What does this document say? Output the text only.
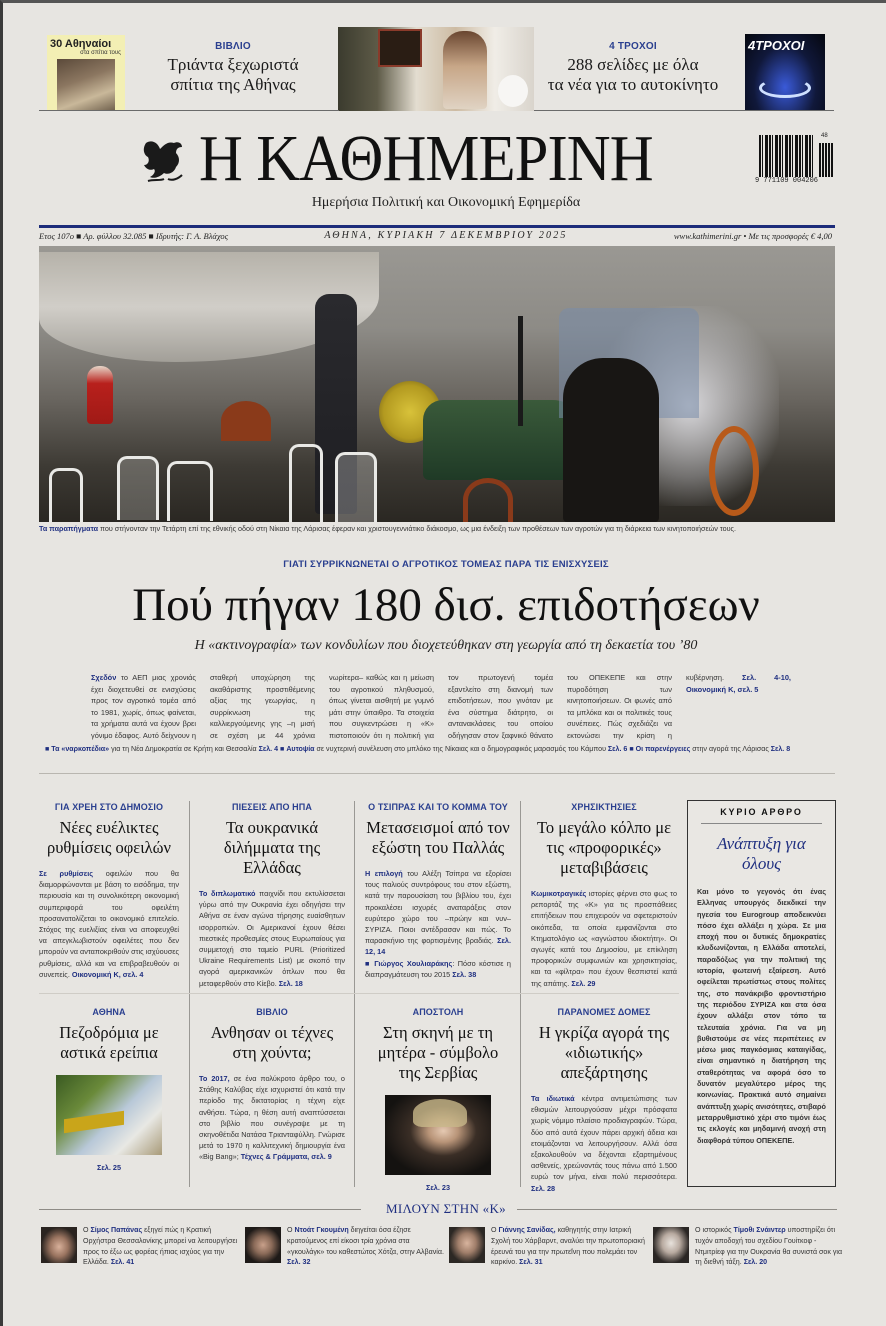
30 Αθηναίοι
στα σπίτια τους
ΒΙΒΛΙΟ
Τριάντα ξεχωριστά
σπίτια της Αθήνας
4 ΤΡΟΧΟΙ
288 σελίδες με όλα
τα νέα για το αυτοκίνητο
4ΤΡΟΧΟΙ
Η ΚΑΘΗΜΕΡΙΝΗ	48
9 771109 004206
Ημερήσια Πολιτική και Οικονομική Εφημερίδα
Ετος 107ο ■ Αρ. φύλλου 32.085 ■ Ιδρυτής: Γ. Α. Βλάχος	ΑΘΗΝΑ, ΚΥΡΙΑΚΗ 7 ΔΕΚΕΜΒΡΙΟΥ 2025	www.kathimerini.gr • Με τις προσφορές € 4,00
Τα παραπήγματα που στήνονταν την Τετάρτη επί της εθνικής οδού στη Νίκαια της Λάρισας έφεραν και χριστουγεννιάτικο διάκοσμο, ως μια ένδειξη των προθέσεων των αγροτών για τη διάρκεια των κινητοποιήσεών τους.
ΓΙΑΤΙ ΣΥΡΡΙΚΝΩΝΕΤΑΙ Ο ΑΓΡΟΤΙΚΟΣ ΤΟΜΕΑΣ ΠΑΡΑ ΤΙΣ ΕΝΙΣΧΥΣΕΙΣ
Πού πήγαν 180 δισ. επιδοτήσεων
Η «ακτινογραφία» των κονδυλίων που διοχετεύθηκαν στη γεωργία από τη δεκαετία του ’80
Σχεδόν το ΑΕΠ μιας χρονιάς έχει διοχετευθεί σε ενισχύσεις προς τον αγροτικό τομέα από το 1981, χωρίς, όπως φαίνεται, τα χρήματα αυτά να έχουν βρει γόνιμο έδαφος. Αυτό δείχνουν η σταθερή υποχώρηση της ακαθάριστης προστιθέμενης αξίας της γεωργίας, η συρρίκνωση της καλλιεργούμενης γης –η μισή σε σχέση με 44 χρόνια νωρίτερα– καθώς και η μείωση του αγροτικού πληθυσμού, όπως γίνεται αισθητή με γυμνό μάτι στην ύπαιθρο. Τα στοιχεία που συγκεντρώσει η «Κ» πιστοποιούν ότι η πολιτική για τον πρωτογενή τομέα εξαντλείτο στη διανομή των επιδοτήσεων, που γινόταν με ένα σύστημα διάτρητο, οι αντανακλάσεις του οποίου οδήγησαν στον ξαφνικό θάνατο του ΟΠΕΚΕΠΕ και στην πυροδότηση των κινητοποιήσεων. Οι φωνές από τα μπλόκα και οι πολιτικές τους συνέπειες. Πώς σχεδιάζει να εκτονώσει την κρίση η κυβέρνηση. Σελ. 4-10, Οικονομική Κ, σελ. 5
■ Τα «ναρκοπέδια» για τη Νέα Δημοκρατία σε Κρήτη και Θεσσαλία Σελ. 4 ■ Αυτοψία σε νυχτερινή συνέλευση στο μπλόκο της Νίκαιας και ο δημογραφικός μαρασμός του Κάμπου Σελ. 6 ■ Οι παρενέργειες στην αγορά της Λάρισας Σελ. 8
ΓΙΑ ΧΡΕΗ ΣΤΟ ΔΗΜΟΣΙΟ
Νέες ευέλικτες ρυθμίσεις οφειλών
Σε ρυθμίσεις οφειλών που θα διαμορφώνονται με βάση το εισόδημα, την περιουσία και τη συνολικότερη οικονομική συμπεριφορά του οφειλέτη προσανατολίζεται το οικονομικό επιτελείο. Στόχος της ευελιξίας είναι να αποφευχθεί να απεγκλωβιστούν οφειλέτες που δεν μπορούν να ανταποκριθούν στις ισχύουσες ρυθμίσεις, αλλά και να επιβραβευθούν οι συνεπείς. Οικονομική Κ, σελ. 4
ΠΙΕΣΕΙΣ ΑΠΟ ΗΠΑ
Τα ουκρανικά διλήμματα της Ελλάδας
Το διπλωματικό παιχνίδι που εκτυλίσσεται γύρω από την Ουκρανία έχει οδηγήσει την Αθήνα σε έναν αγώνα τήρησης ευαίσθητων ισορροπιών. Οι Αμερικανοί έχουν θέσει πιεστικές προθεσμίες στους Ευρωπαίους για συμμετοχή στο ταμείο PURL (Prioritized Ukraine Requirements List) με σκοπό την αγορά αμερικανικών όπλων που θα μεταφερθούν στο Κίεβο. Σελ. 18
Ο ΤΣΙΠΡΑΣ ΚΑΙ ΤΟ ΚΟΜΜΑ ΤΟΥ
Μετασεισμοί από τον εξώστη του Παλλάς
Η επιλογή του Αλέξη Τσίπρα να εξορίσει τους παλιούς συντρόφους του στον εξώστη, κατά την παρουσίαση του βιβλίου του, έχει προκαλέσει ισχυρές αναταράξεις στον ευρύτερο χώρο του –πρώην και νυν– ΣΥΡΙΖΑ. Ποιοι αντέδρασαν και πώς. Το παρασκήνιο της φορτισμένης βραδιάς. Σελ. 12, 14
■ Γιώργος Χουλιαράκης: Πόσο κόστισε η διαπραγμάτευση του 2015 Σελ. 38
ΧΡΗΣΙΚΤΗΣΙΕΣ
Το μεγάλο κόλπο με τις «προφορικές» μεταβιβάσεις
Κωμικοτραγικές ιστορίες φέρνει στο φως το ρεπορτάζ της «Κ» για τις προσπάθειες επιτήδειων που επιχειρούν να σφετεριστούν οικόπεδα, τα οποία εμφανίζονται στο Κτηματολόγιο ως «αγνώστου ιδιοκτήτη». Οι αγωγές κατά του Δημοσίου, με επίκληση προφορικών συμφωνιών και χρησικτησίας, και τα «φίλτρα» που έχουν θεσπιστεί κατά της απάτης. Σελ. 29
ΑΘΗΝΑ
Πεζοδρόμια με αστικά ερείπια
Σελ. 25
ΒΙΒΛΙΟ
Ανθησαν οι τέχνες στη χούντα;
Το 2017, σε ένα πολύκροτο άρθρο του, ο Στάθης Καλύβας είχε ισχυριστεί ότι κατά την περίοδο της δικτατορίας η τέχνη είχε ανθήσει. Τώρα, η θέση αυτή αναπτύσσεται στο βιβλίο που συνέγραψε με τη σκηνοθέτιδα Νατάσα Τριανταφύλλη. Γνώρισε μετά το 1970 η καλλιτεχνική δημιουργία ένα «Big Bang»; Τέχνες & Γράμματα, σελ. 9
ΑΠΟΣΤΟΛΗ
Στη σκηνή με τη μητέρα - σύμβολο της Σερβίας
Σελ. 23
ΠΑΡΑΝΟΜΕΣ ΔΟΜΕΣ
Η γκρίζα αγορά της «ιδιωτικής» απεξάρτησης
Τα ιδιωτικά κέντρα αντιμετώπισης των εθισμών λειτουργούσαν μέχρι πρόσφατα χωρίς νόμιμο πλαίσιο προδιαγραφών. Τώρα, δύο από αυτά έχουν πάρει αρχική άδεια και ετοιμάζονται να λειτουργήσουν. Αλλά όσα εξακολουθούν να δέχονται εξαρτημένους ασθενείς, χρεώνοντάς τους πάνω από 1.500 ευρώ τον μήνα, είναι πολύ περισσότερα. Σελ. 28
ΚΥΡΙΟ ΑΡΘΡΟ
Ανάπτυξη για όλους
Και μόνο το γεγονός ότι ένας Ελληνας υπουργός διεκδικεί την ηγεσία του Eurogroup αποδεικνύει πόσο έχει αλλάξει η χώρα. Σε μια εποχή που οι δυτικές δημοκρατίες κλυδωνίζονται, η Ελλάδα αποτελεί, παραδόξως για την πολιτική της ιστορία, φωτεινή εξαίρεση. Αυτό οφείλεται πρωτίστως στους πολίτες της, στο πανάκριβο φροντιστήριο της περιόδου ΣΥΡΙΖΑ και στα όσα έχουν αλλάξει στον τόπο τα τελευταία χρόνια. Για να μη βυθιστούμε σε νέες περιπέτειες εν μέσω μιας παγκόσμιας καταιγίδας, είναι σημαντικό η διατήρηση της σταθερότητας να αφορά όσο το δυνατόν μεγαλύτερο μέρος της κοινωνίας. Πρακτικά αυτό σημαίνει ανάπτυξη χωρίς ανισότητες, στιβαρό μεταρρυθμιστικό χέρι στο τιμόνι έως τις εκλογές και μηδαμινή ανοχή στη διαφθορά τύπου ΟΠΕΚΕΠΕ.
ΜΙΛΟΥΝ ΣΤΗΝ «Κ»
Ο Σίμος Παπάνας εξηγεί πώς η Κρατική Ορχήστρα Θεσσαλονίκης μπορεί να λειτουργήσει προς το έξω ως φορέας ήπιας ισχύος για την Ελλάδα. Σελ. 41
Ο Ντοάτ Γκουμένη διηγείται όσα έζησε κρατούμενος επί είκοσι τρία χρόνια στα «γκουλάγκ» του καθεστώτος Χότζα, στην Αλβανία. Σελ. 32
Ο Γιάννης Σανίδας, καθηγητής στην Ιατρική Σχολή του Χάρβαρντ, αναλύει την πρωτοποριακή έρευνά του για την πρωτεΐνη που πολεμάει τον καρκίνο. Σελ. 31
Ο ιστορικός Τίμοθι Σνάιντερ υποστηρίζει ότι τυχόν αποδοχή του σχεδίου Γουίτκοφ - Ντμιτρίεφ για την Ουκρανία θα συνιστά σοκ για τη διεθνή τάξη. Σελ. 20
